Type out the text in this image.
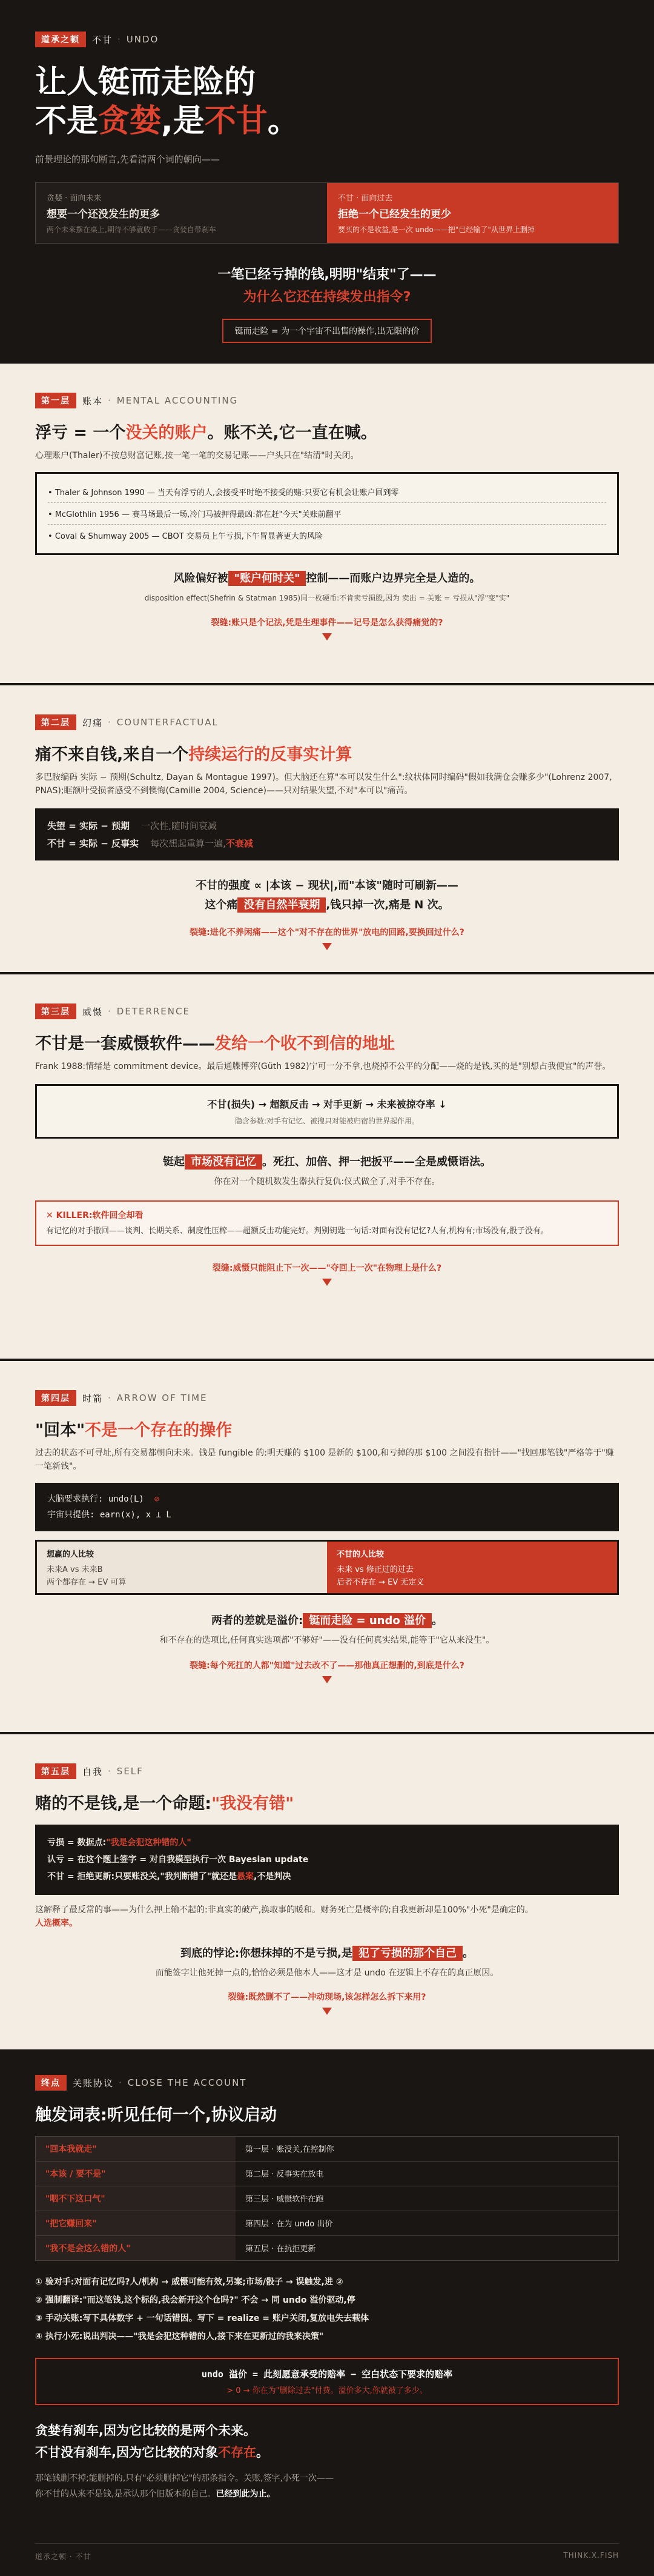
道承之顿	不甘 · UNDO
让人铤而走险的
不是贪婪,是不甘。

前景理论的那句断言,先看清两个词的朝向——

贪婪 · 面向未来
想要一个还没发生的更多
两个未来摆在桌上,期待不够就收手——贪婪自带刹车
不甘 · 面向过去
拒绝一个已经发生的更少
要买的不是收益,是一次 undo——把"已经输了"从世界上删掉
一笔已经亏掉的钱,明明"结束"了——
为什么它还在持续发出指令?
铤而走险 = 为一个宇宙不出售的操作,出无限的价
第一层	账本 · MENTAL ACCOUNTING
浮亏 = 一个没关的账户。账不关,它一直在喊。

心理账户(Thaler)不按总财富记账,按一笔一笔的交易记账——户头只在"结清"时关闭。

• Thaler & Johnson 1990 — 当天有浮亏的人,会接受平时绝不接受的赌:只要它有机会让账户回到零
• McGlothlin 1956 — 赛马场最后一场,冷门马被押得最凶:都在赶"今天"关账前翻平
• Coval & Shumway 2005 — CBOT 交易员上午亏损,下午冒显著更大的风险
风险偏好被 "账户何时关" 控制——而账户边界完全是人造的。

disposition effect(Shefrin & Statman 1985)同一枚硬币:不肯卖亏损股,因为 卖出 = 关账 = 亏损从"浮"变"实"

裂缝:账只是个记法,凭是生理事件——记号是怎么获得痛觉的?

第二层	幻痛 · COUNTERFACTUAL
痛不来自钱,来自一个持续运行的反事实计算

多巴胺编码 实际 − 预期(Schultz, Dayan & Montague 1997)。但大脑还在算"本可以发生什么":纹状体同时编码"假如我满仓会赚多少"(Lohrenz 2007, PNAS);眶额叶受损者感受不到懊悔(Camille 2004, Science)——只对结果失望,不对"本可以"痛苦。

失望 = 实际 − 预期 一次性,随时间衰减
不甘 = 实际 − 反事实 每次想起重算一遍,不衰减
不甘的强度 ∝ |本该 − 现状|,而"本该"随时可刷新——
这个痛 没有自然半衰期 ,钱只掉一次,痛是 N 次。

裂缝:进化不养闲痛——这个"对不存在的世界"放电的回路,要换回过什么?

第三层	威慑 · DETERRENCE
不甘是一套威慑软件——发给一个收不到信的地址

Frank 1988:情绪是 commitment device。最后通牒博弈(Güth 1982)宁可一分不拿,也烧掉不公平的分配——烧的是钱,买的是"别想占我便宜"的声誉。

不甘(损失) → 超额反击 → 对手更新 → 未来被掠夺率 ↓
隐含参数:对手有记忆、被搜只对能被归宿的世界起作用。
铤起 市场没有记忆 。死扛、加倍、押一把扳平——全是威慑语法。

你在对一个随机数发生器执行复仇:仪式做全了,对手不存在。

✕ KILLER:软件回全却看
有记忆的对手撤回——谈判、长期关系、制度性压榨——超额反击功能完好。判别钥匙一句话:对面有没有记忆?人有,机构有;市场没有,骰子没有。

裂缝:威慑只能阻止下一次——"夺回上一次"在物理上是什么?

第四层	时箭 · ARROW OF TIME
"回本"不是一个存在的操作

过去的状态不可寻址,所有交易都朝向未来。钱是 fungible 的:明天赚的 $100 是新的 $100,和亏掉的那 $100 之间没有指针——"找回那笔钱"严格等于"赚一笔新钱"。

大脑要求执行: undo(L) ⊘
宇宙只提供: earn(x), x ⊥ L
想赢的人比较
未来A vs 未来B
两个都存在 → EV 可算
不甘的人比较
未来 vs 修正过的过去
后者不存在 → EV 无定义
两者的差就是溢价: 铤而走险 = undo 溢价 。

和不存在的选项比,任何真实选项都"不够好"——没有任何真实结果,能等于"它从来没生"。

裂缝:每个死扛的人都"知道"过去改不了——那他真正想删的,到底是什么?

第五层	自我 · SELF
赌的不是钱,是一个命题:"我没有错"
亏损 = 数据点:"我是会犯这种错的人"
认亏 = 在这个题上签字 = 对自我模型执行一次 Bayesian update
不甘 = 拒绝更新:只要账没关,"我判断错了"就还是悬案,不是判决

这解释了最反常的事——为什么押上输不起的:非真实的破产,换取事的暖和。财务死亡是概率的;自我更新却是100%"小死"是确定的。
人选概率。

到底的悖论:你想抹掉的不是亏损,是 犯了亏损的那个自己 。

而能签字让他死掉一点的,恰恰必须是他本人——这才是 undo 在逻辑上不存在的真正原因。

裂缝:既然删不了——冲动现场,该怎样怎么拆下来用?

终点	关账协议 · CLOSE THE ACCOUNT
触发词表:听见任何一个,协议启动
"回本我就走"	第一层 · 账没关,在控制你
"本该 / 要不是"	第二层 · 反事实在放电
"咽不下这口气"	第三层 · 威慑软件在跑
"把它赚回来"	第四层 · 在为 undo 出价
"我不是会这么错的人"	第五层 · 在抗拒更新
① 验对手:对面有记忆吗?人/机构 → 威慑可能有效,另案;市场/骰子 → 误触发,进 ②
② 强制翻译:"而这笔钱,这个标的,我会新开这个仓吗?" 不会 → 同 undo 溢价驱动,停
③ 手动关账:写下具体数字 + 一句话错因。写下 = realize = 账户关闭,复放电失去载体
④ 执行小死:说出判决——"我是会犯这种错的人,接下来在更新过的我来决策"
undo 溢价 = 此刻愿意承受的赔率 − 空白状态下要求的赔率
> 0 → 你在为"删除过去"付费。溢价多大,你就被了多少。
贪婪有刹车,因为它比较的是两个未来。
不甘没有刹车,因为它比较的对象不存在。
那笔钱删不掉;能删掉的,只有"必须删掉它"的那条指令。关账,签字,小死一次——
你不甘的从来不是钱,是承认那个旧版本的自己。已经到此为止。
道承之顿 · 不甘	THINK.X.FISH
